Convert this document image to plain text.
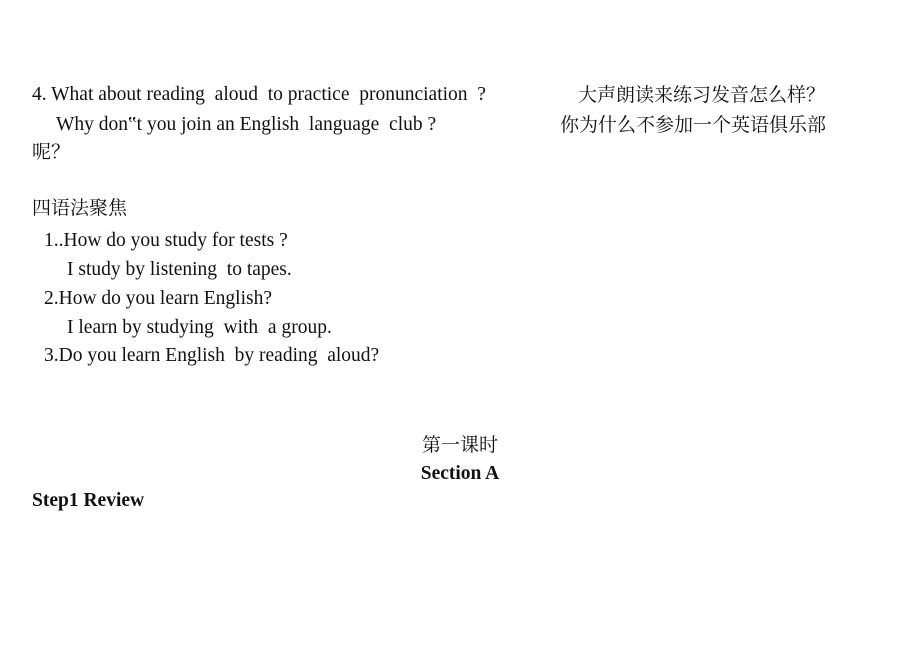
4. What about reading  aloud  to practice  pronunciation  ?	大声朗读来练习发音怎么样？
Why don‟t you join an English  language  club ?	你为什么不参加一个英语俱乐部
呢？
四语法聚焦
1..How do you study for tests ?
I study by listening  to tapes.
2.How do you learn English?
I learn by studying  with  a group.
3.Do you learn English  by reading  aloud?
第一课时
Section A
Step1 Review
